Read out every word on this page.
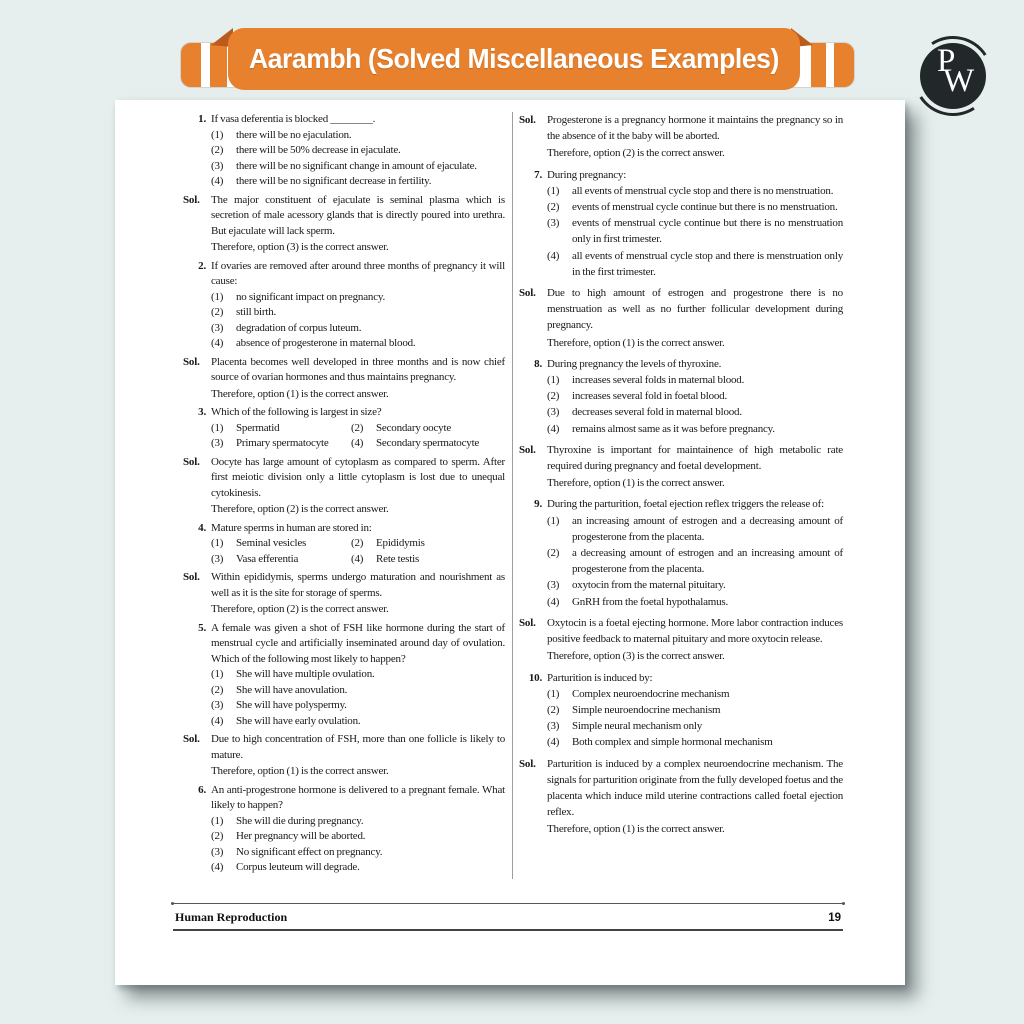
Aarambh (Solved Miscellaneous Examples)	P
W
1. If vasa deferentia is blocked ________.
(1)	there will be no ejaculation.
(2)	there will be 50% decrease in ejaculate.
(3)	there will be no significant change in amount of ejaculate.
(4)	there will be no significant decrease in fertility.
Sol.	The major constituent of ejaculate is seminal plasma which is secretion of male acessory glands that is directly poured into urethra. But ejaculate will lack sperm.
Therefore, option (3) is the correct answer.
2. If ovaries are removed after around three months of pregnancy it will cause:
(1)	no significant impact on pregnancy.
(2)	still birth.
(3)	degradation of corpus luteum.
(4)	absence of progesterone in maternal blood.
Sol.	Placenta becomes well developed in three months and is now chief source of ovarian hormones and thus maintains pregnancy.
Therefore, option (1) is the correct answer.
3. Which of the following is largest in size?
(1)	Spermatid	(2)	Secondary oocyte
(3)	Primary spermatocyte	(4)	Secondary spermatocyte
Sol.	Oocyte has large amount of cytoplasm as compared to sperm. After first meiotic division only a little cytoplasm is lost due to unequal cytokinesis.
Therefore, option (2) is the correct answer.
4. Mature sperms in human are stored in:
(1)	Seminal vesicles	(2)	Epididymis
(3)	Vasa efferentia	(4)	Rete testis
Sol.	Within epididymis, sperms undergo maturation and nourishment as well as it is the site for storage of sperms.
Therefore, option (2) is the correct answer.
5. A female was given a shot of FSH like hormone during the start of menstrual cycle and artificially inseminated around day of ovulation. Which of the following most likely to happen?
(1)	She will have multiple ovulation.
(2)	She will have anovulation.
(3)	She will have polyspermy.
(4)	She will have early ovulation.
Sol.	Due to high concentration of FSH, more than one follicle is likely to mature.
Therefore, option (1) is the correct answer.
6. An anti-progestrone hormone is delivered to a pregnant female. What likely to happen?
(1)	She will die during pregnancy.
(2)	Her pregnancy will be aborted.
(3)	No significant effect on pregnancy.
(4)	Corpus leuteum will degrade.
Sol.	Progesterone is a pregnancy hormone it maintains the pregnancy so in the absence of it the baby will be aborted.
Therefore, option (2) is the correct answer.
7. During pregnancy:
(1)	all events of menstrual cycle stop and there is no menstruation.
(2)	events of menstrual cycle continue but there is no menstruation.
(3)	events of menstrual cycle continue but there is no menstruation only in first trimester.
(4)	all events of menstrual cycle stop and there is menstruation only in the first trimester.
Sol.	Due to high amount of estrogen and progestrone there is no menstruation as well as no further follicular development during pregnancy.
Therefore, option (1) is the correct answer.
8. During pregnancy the levels of thyroxine.
(1)	increases several folds in maternal blood.
(2)	increases several fold in foetal blood.
(3)	decreases several fold in maternal blood.
(4)	remains almost same as it was before pregnancy.
Sol.	Thyroxine is important for maintainence of high metabolic rate required during pregnancy and foetal development.
Therefore, option (1) is the correct answer.
9. During the parturition, foetal ejection reflex triggers the release of:
(1)	an increasing amount of estrogen and a decreasing amount of progesterone from the placenta.
(2)	a decreasing amount of estrogen and an increasing amount of progesterone from the placenta.
(3)	oxytocin from the maternal pituitary.
(4)	GnRH from the foetal hypothalamus.
Sol.	Oxytocin is a foetal ejecting hormone. More labor contraction induces positive feedback to maternal pituitary and more oxytocin release.
Therefore, option (3) is the correct answer.
10. Parturition is induced by:
(1)	Complex neuroendocrine mechanism
(2)	Simple neuroendocrine mechanism
(3)	Simple neural mechanism only
(4)	Both complex and simple hormonal mechanism
Sol.	Parturition is induced by a complex neuroendocrine mechanism. The signals for parturition originate from the fully developed foetus and the placenta which induce mild uterine contractions called foetal ejection reflex.
Therefore, option (1) is the correct answer.
Human Reproduction	19
